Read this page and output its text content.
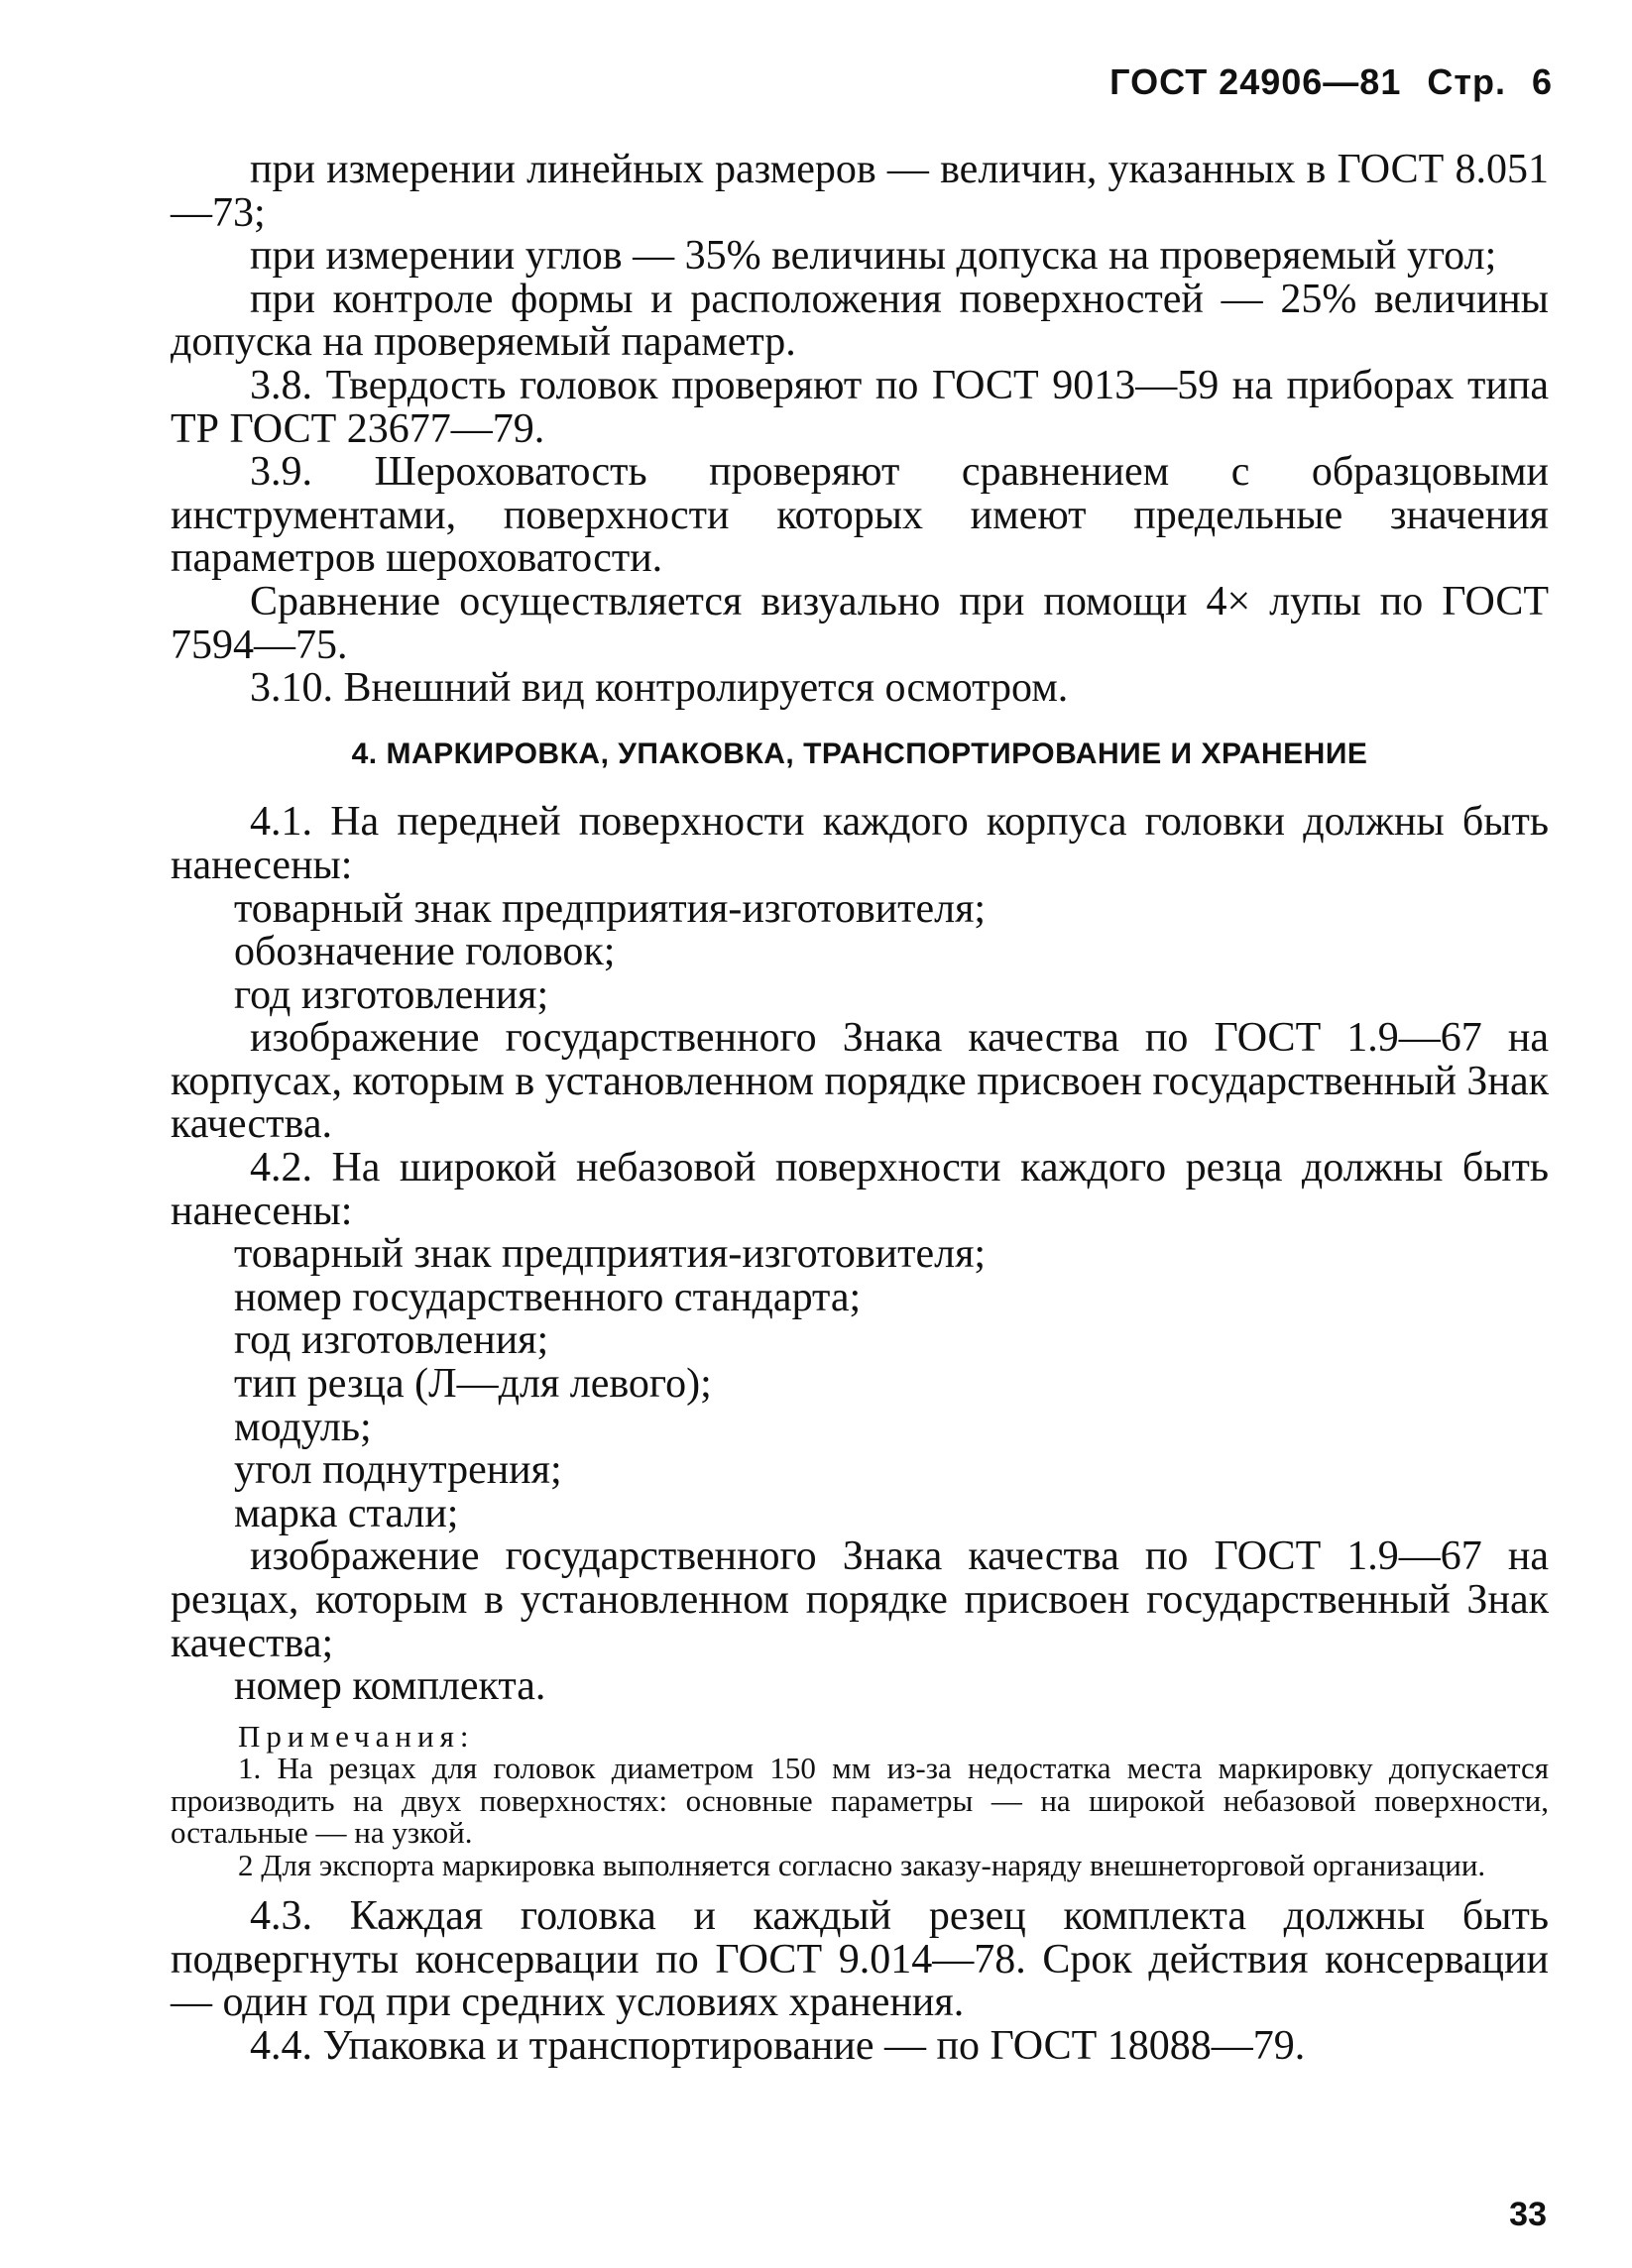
ГОСТ 24906—81 Стр. 6

при измерении линейных размеров — величин, указанных в ГОСТ 8.051—73;

при измерении углов — 35% величины допуска на проверяемый угол;

при контроле формы и расположения поверхностей — 25% величины допуска на проверяемый параметр.

3.8. Твердость головок проверяют по ГОСТ 9013—59 на приборах типа ТР ГОСТ 23677—79.

3.9. Шероховатость проверяют сравнением с образцовыми инструментами, поверхности которых имеют предельные значения параметров шероховатости.

Сравнение осуществляется визуально при помощи 4× лупы по ГОСТ 7594—75.

3.10. Внешний вид контролируется осмотром.

4. МАРКИРОВКА, УПАКОВКА, ТРАНСПОРТИРОВАНИЕ И ХРАНЕНИЕ

4.1. На передней поверхности каждого корпуса головки должны быть нанесены:

товарный знак предприятия-изготовителя;

обозначение головок;

год изготовления;

изображение государственного Знака качества по ГОСТ 1.9—67 на корпусах, которым в установленном порядке присвоен государственный Знак качества.

4.2. На широкой небазовой поверхности каждого резца должны быть нанесены:

товарный знак предприятия-изготовителя;

номер государственного стандарта;

год изготовления;

тип резца (Л—для левого);

модуль;

угол поднутрения;

марка стали;

изображение государственного Знака качества по ГОСТ 1.9—67 на резцах, которым в установленном порядке присвоен государственный Знак качества;

номер комплекта.

Примечания:

1. На резцах для головок диаметром 150 мм из-за недостатка места маркировку допускается производить на двух поверхностях: основные параметры — на широкой небазовой поверхности, остальные — на узкой.

2 Для экспорта маркировка выполняется согласно заказу-наряду внешнеторговой организации.

4.3. Каждая головка и каждый резец комплекта должны быть подвергнуты консервации по ГОСТ 9.014—78. Срок действия консервации — один год при средних условиях хранения.

4.4. Упаковка и транспортирование — по ГОСТ 18088—79.

33
